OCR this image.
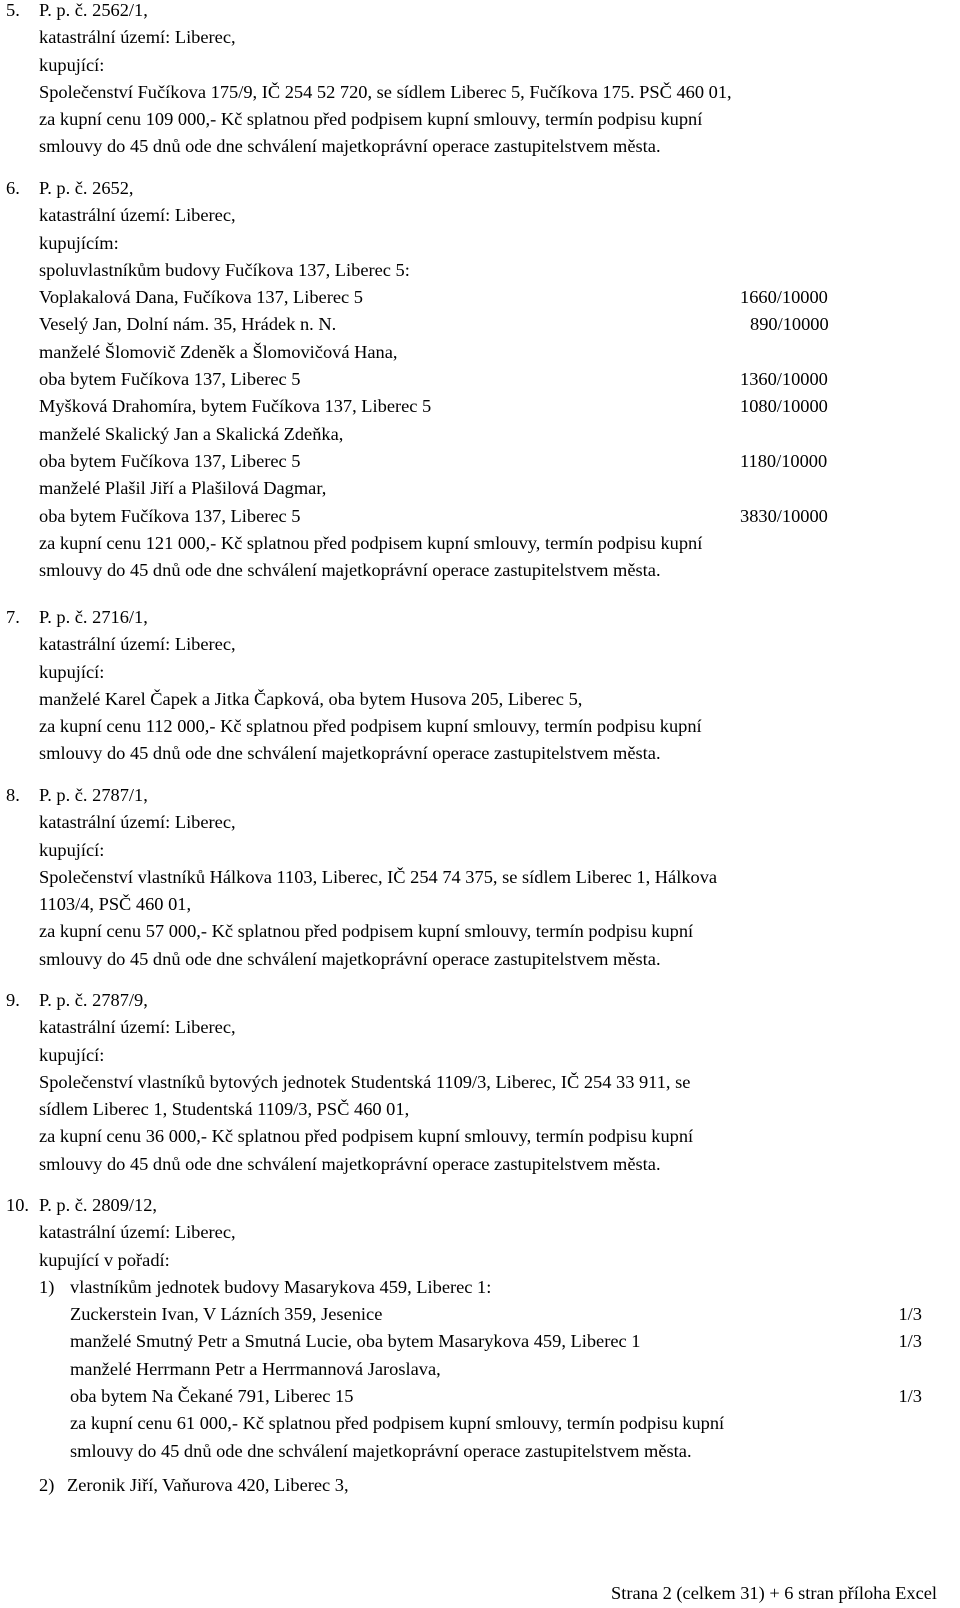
5. P. p. č. 2562/1,
katastrální území: Liberec,
kupující:
Společenství Fučíkova 175/9, IČ 254 52 720, se sídlem Liberec 5, Fučíkova 175. PSČ 460 01,
za kupní cenu 109 000,- Kč splatnou před podpisem kupní smlouvy, termín podpisu kupní
smlouvy do 45 dnů ode dne schválení majetkoprávní operace zastupitelstvem města.
6. P. p. č. 2652,
katastrální území: Liberec,
kupujícím:
spoluvlastníkům budovy Fučíkova 137, Liberec 5:
Voplakalová Dana, Fučíkova 137, Liberec 5	1660/10000
Veselý Jan, Dolní nám. 35, Hrádek n. N.	890/10000
manželé Šlomovič Zdeněk a Šlomovičová Hana,
oba bytem Fučíkova 137, Liberec 5	1360/10000
Myšková Drahomíra, bytem Fučíkova 137, Liberec 5	1080/10000
manželé Skalický Jan a Skalická Zdeňka,
oba bytem Fučíkova 137, Liberec 5	1180/10000
manželé Plašil Jiří a Plašilová Dagmar,
oba bytem Fučíkova 137, Liberec 5	3830/10000
za kupní cenu 121 000,- Kč splatnou před podpisem kupní smlouvy, termín podpisu kupní
smlouvy do 45 dnů ode dne schválení majetkoprávní operace zastupitelstvem města.
7. P. p. č. 2716/1,
katastrální území: Liberec,
kupující:
manželé Karel Čapek a Jitka Čapková, oba bytem Husova 205, Liberec 5,
za kupní cenu 112 000,- Kč splatnou před podpisem kupní smlouvy, termín podpisu kupní
smlouvy do 45 dnů ode dne schválení majetkoprávní operace zastupitelstvem města.
8. P. p. č. 2787/1,
katastrální území: Liberec,
kupující:
Společenství vlastníků Hálkova 1103, Liberec, IČ 254 74 375, se sídlem Liberec 1, Hálkova
1103/4, PSČ 460 01,
za kupní cenu 57 000,- Kč splatnou před podpisem kupní smlouvy, termín podpisu kupní
smlouvy do 45 dnů ode dne schválení majetkoprávní operace zastupitelstvem města.
9. P. p. č. 2787/9,
katastrální území: Liberec,
kupující:
Společenství vlastníků bytových jednotek Studentská 1109/3, Liberec, IČ 254 33 911, se
sídlem Liberec 1, Studentská 1109/3, PSČ 460 01,
za kupní cenu 36 000,- Kč splatnou před podpisem kupní smlouvy, termín podpisu kupní
smlouvy do 45 dnů ode dne schválení majetkoprávní operace zastupitelstvem města.
10. P. p. č. 2809/12,
katastrální území: Liberec,
kupující v pořadí:
1) vlastníkům jednotek budovy Masarykova 459, Liberec 1:
Zuckerstein Ivan, V Lázních 359, Jesenice	1/3
manželé Smutný Petr a Smutná Lucie, oba bytem Masarykova 459, Liberec 1	1/3
manželé Herrmann Petr a Herrmannová Jaroslava,
oba bytem Na Čekané 791, Liberec 15	1/3
za kupní cenu 61 000,- Kč splatnou před podpisem kupní smlouvy, termín podpisu kupní
smlouvy do 45 dnů ode dne schválení majetkoprávní operace zastupitelstvem města.
2) Zeronik Jiří, Vaňurova 420, Liberec 3,
Strana 2 (celkem 31) + 6 stran příloha Excel
